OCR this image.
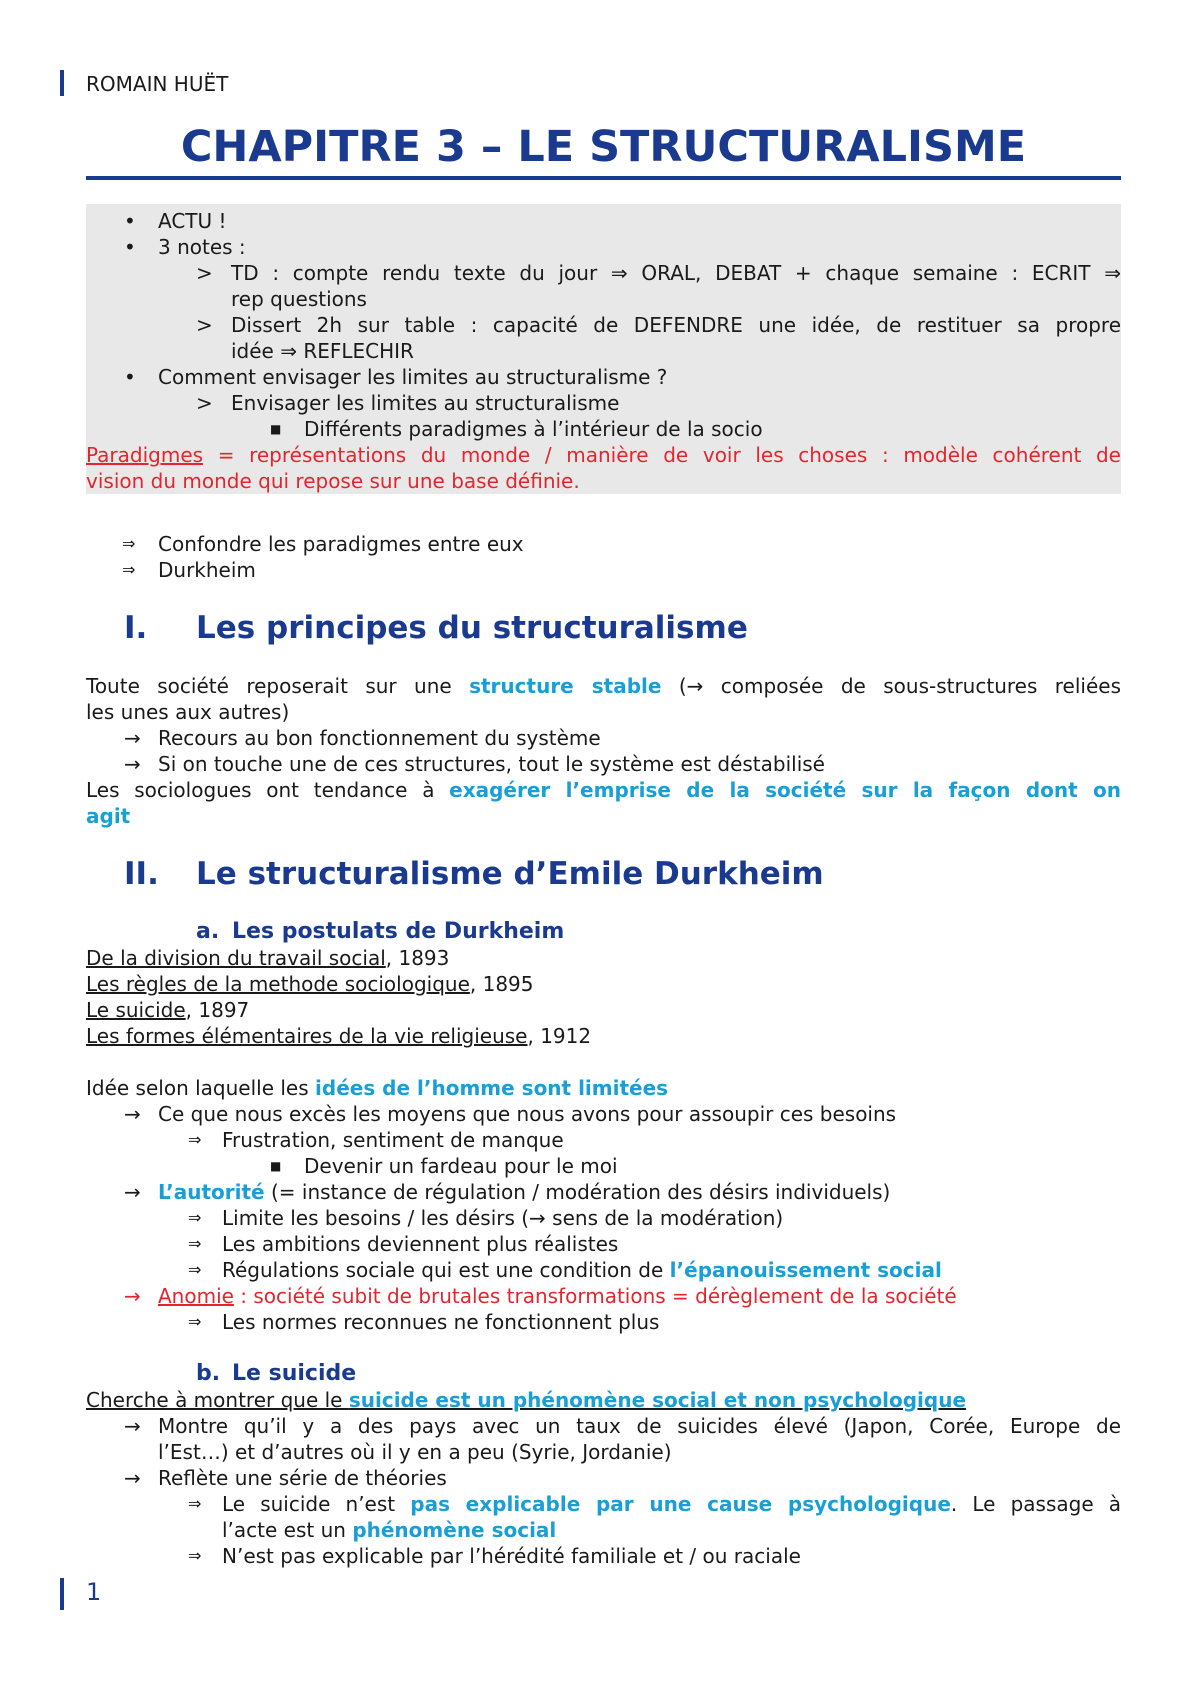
ROMAIN HUËT
1
CHAPITRE 3 – LE STRUCTURALISME
• ACTU !
• 3 notes :
> TD : compte rendu texte du jour ⇒ ORAL, DEBAT + chaque semaine : ECRIT ⇒
rep questions
> Dissert 2h sur table : capacité de DEFENDRE une idée, de restituer sa propre
idée ⇒ REFLECHIR
• Comment envisager les limites au structuralisme ?
> Envisager les limites au structuralisme
■ Différents paradigmes à l’intérieur de la socio
Paradigmes = représentations du monde / manière de voir les choses : modèle cohérent de
vision du monde qui repose sur une base définie.
⇒ Confondre les paradigmes entre eux
⇒ Durkheim
I. Les principes du structuralisme
Toute société reposerait sur une structure stable (→ composée de sous-structures reliées
les unes aux autres)
→ Recours au bon fonctionnement du système
→ Si on touche une de ces structures, tout le système est déstabilisé
Les sociologues ont tendance à exagérer l’emprise de la société sur la façon dont on
agit
II. Le structuralisme d’Emile Durkheim
a. Les postulats de Durkheim
De la division du travail social, 1893
Les règles de la methode sociologique, 1895
Le suicide, 1897
Les formes élémentaires de la vie religieuse, 1912
Idée selon laquelle les idées de l’homme sont limitées
→ Ce que nous excès les moyens que nous avons pour assoupir ces besoins
⇒ Frustration, sentiment de manque
■ Devenir un fardeau pour le moi
→ L’autorité (= instance de régulation / modération des désirs individuels)
⇒ Limite les besoins / les désirs (→ sens de la modération)
⇒ Les ambitions deviennent plus réalistes
⇒ Régulations sociale qui est une condition de l’épanouissement social
→ Anomie : société subit de brutales transformations = dérèglement de la société
⇒ Les normes reconnues ne fonctionnent plus
b. Le suicide
Cherche à montrer que le suicide est un phénomène social et non psychologique
→ Montre qu’il y a des pays avec un taux de suicides élevé (Japon, Corée, Europe de
l’Est…) et d’autres où il y en a peu (Syrie, Jordanie)
→ Reflète une série de théories
⇒ Le suicide n’est pas explicable par une cause psychologique. Le passage à
l’acte est un phénomène social
⇒ N’est pas explicable par l’hérédité familiale et / ou raciale
